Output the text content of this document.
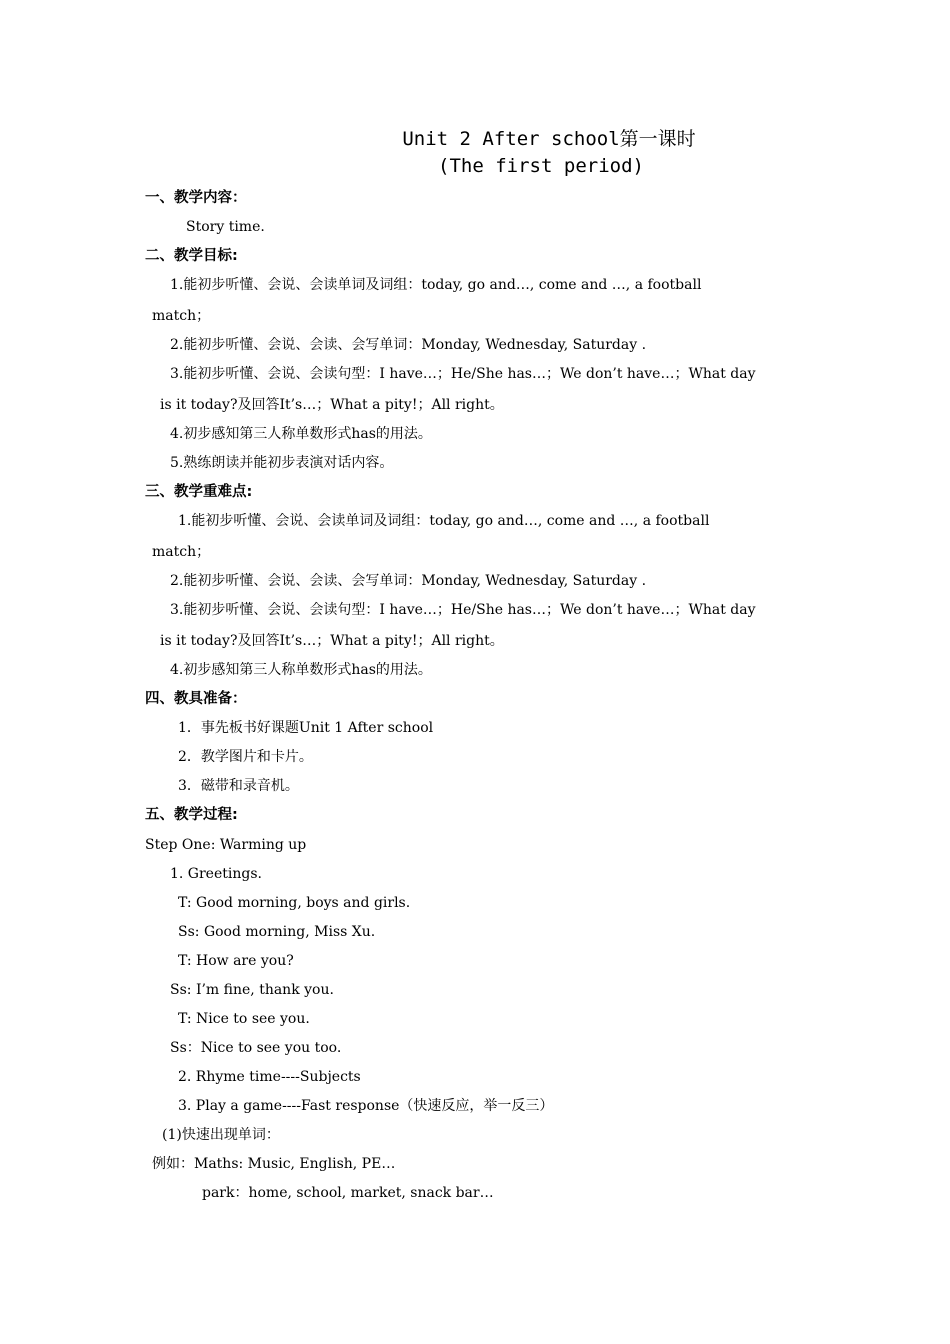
Unit 2 After school第一课时
(The first period)
一、教学内容：
Story time.
二、教学目标:
1.能初步听懂、会说、会读单词及词组：today, go and…, come and …, a football
match；
2.能初步听懂、会说、会读、会写单词：Monday, Wednesday, Saturday .
3.能初步听懂、会说、会读句型：I have…；He/She has…；We don’t have…；What day
is it today?及回答It’s…；What a pity!；All right。
4.初步感知第三人称单数形式has的用法。
5.熟练朗读并能初步表演对话内容。
三、教学重难点:
1.能初步听懂、会说、会读单词及词组：today, go and…, come and …, a football
match；
2.能初步听懂、会说、会读、会写单词：Monday, Wednesday, Saturday .
3.能初步听懂、会说、会读句型：I have…；He/She has…；We don’t have…；What day
is it today?及回答It’s…；What a pity!；All right。
4.初步感知第三人称单数形式has的用法。
四、教具准备：
1．事先板书好课题Unit 1 After school
2．教学图片和卡片。
3．磁带和录音机。
五、教学过程:
Step One: Warming up
1. Greetings.
T: Good morning, boys and girls.
Ss: Good morning, Miss Xu.
T: How are you?
Ss: I’m fine, thank you.
T: Nice to see you.
Ss：Nice to see you too.
2. Rhyme time----Subjects
3. Play a game----Fast response（快速反应，举一反三）
(1)快速出现单词：
例如：Maths: Music, English, PE…
park：home, school, market, snack bar…
